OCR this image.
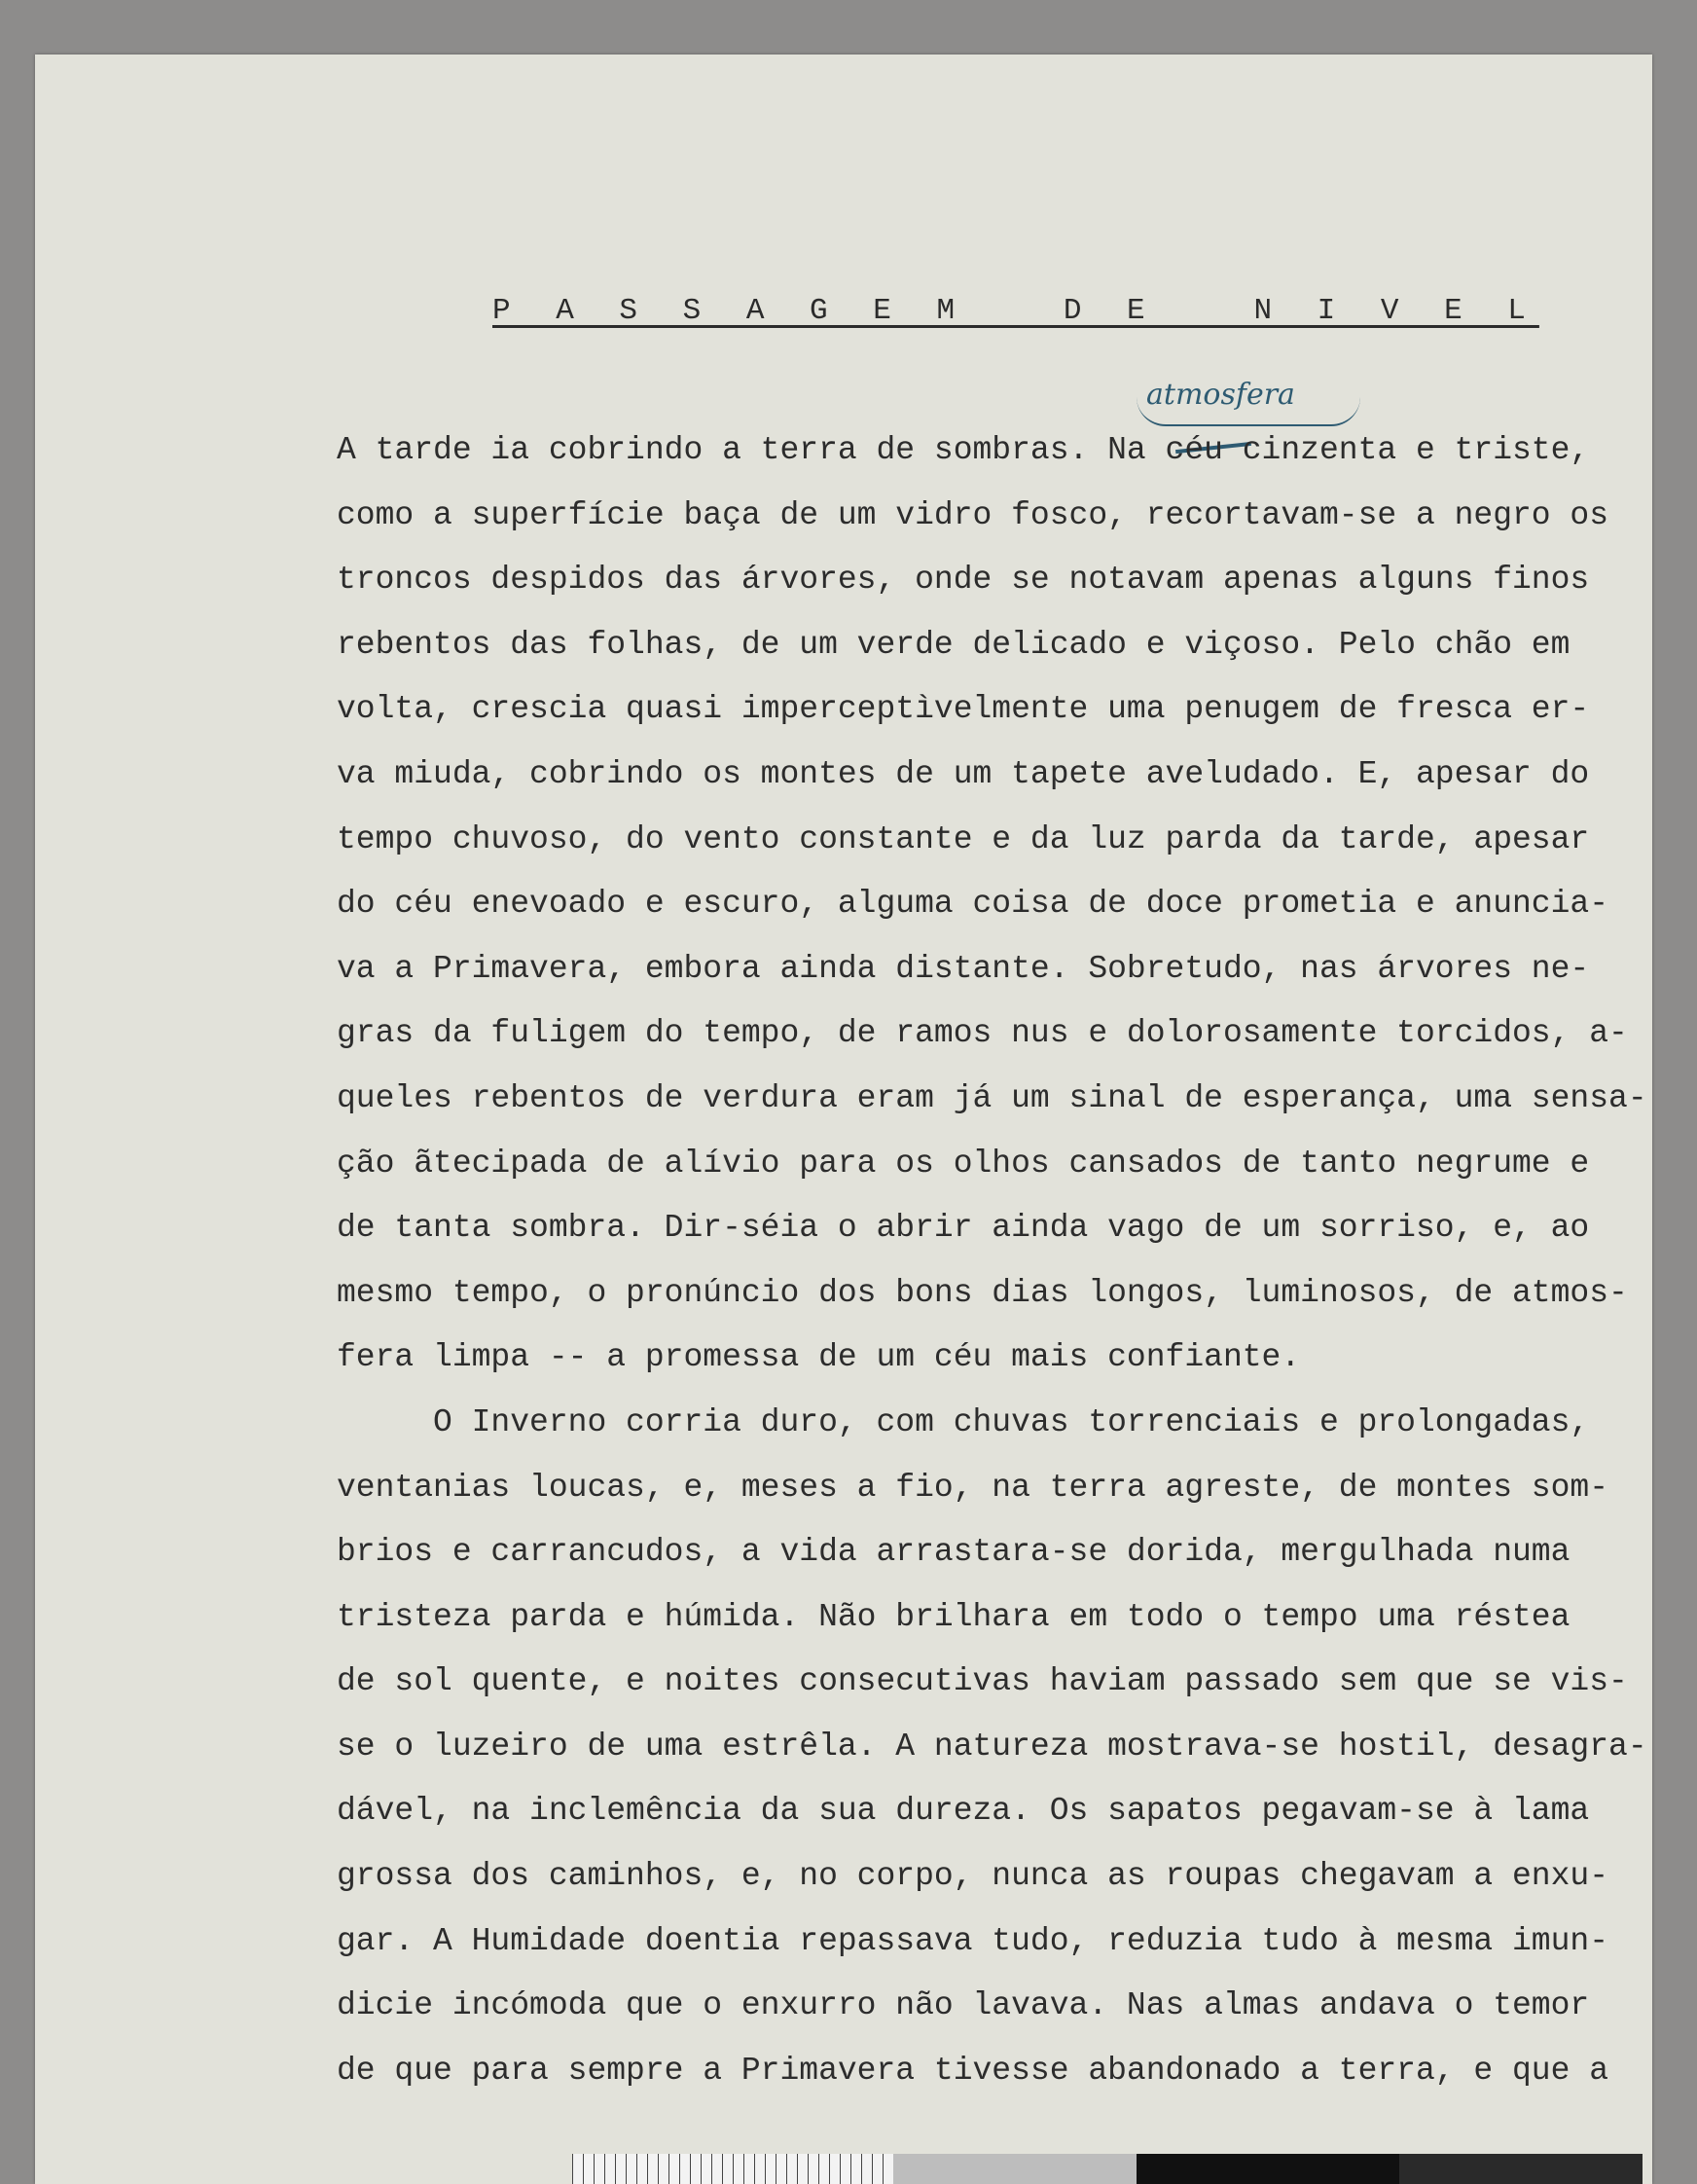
P A S S A G E M   D E   N I V E L
atmosfera
A tarde ia cobrindo a terra de sombras. Na céu cinzenta e triste,
como a superfície baça de um vidro fosco, recortavam-se a negro os
troncos despidos das árvores, onde se notavam apenas alguns finos
rebentos das folhas, de um verde delicado e viçoso. Pelo chão em
volta, crescia quasi imperceptìvelmente uma penugem de fresca er-
va miuda, cobrindo os montes de um tapete aveludado. E, apesar do
tempo chuvoso, do vento constante e da luz parda da tarde, apesar
do céu enevoado e escuro, alguma coisa de doce prometia e anuncia-
va a Primavera, embora ainda distante. Sobretudo, nas árvores ne-
gras da fuligem do tempo, de ramos nus e dolorosamente torcidos, a-
queles rebentos de verdura eram já um sinal de esperança, uma sensa-
ção ãtecipada de alívio para os olhos cansados de tanto negrume e
de tanta sombra. Dir-séia o abrir ainda vago de um sorriso, e, ao
mesmo tempo, o pronúncio dos bons dias longos, luminosos, de atmos-
fera limpa -- a promessa de um céu mais confiante.
O Inverno corria duro, com chuvas torrenciais e prolongadas,
ventanias loucas, e, meses a fio, na terra agreste, de montes som-
brios e carrancudos, a vida arrastara-se dorida, mergulhada numa
tristeza parda e húmida. Não brilhara em todo o tempo uma réstea
de sol quente, e noites consecutivas haviam passado sem que se vis-
se o luzeiro de uma estrêla. A natureza mostrava-se hostil, desagra-
dável, na inclemência da sua dureza. Os sapatos pegavam-se à lama
grossa dos caminhos, e, no corpo, nunca as roupas chegavam a enxu-
gar. A Humidade doentia repassava tudo, reduzia tudo à mesma imun-
dicie incómoda que o enxurro não lavava. Nas almas andava o temor
de que para sempre a Primavera tivesse abandonado a terra, e que a
